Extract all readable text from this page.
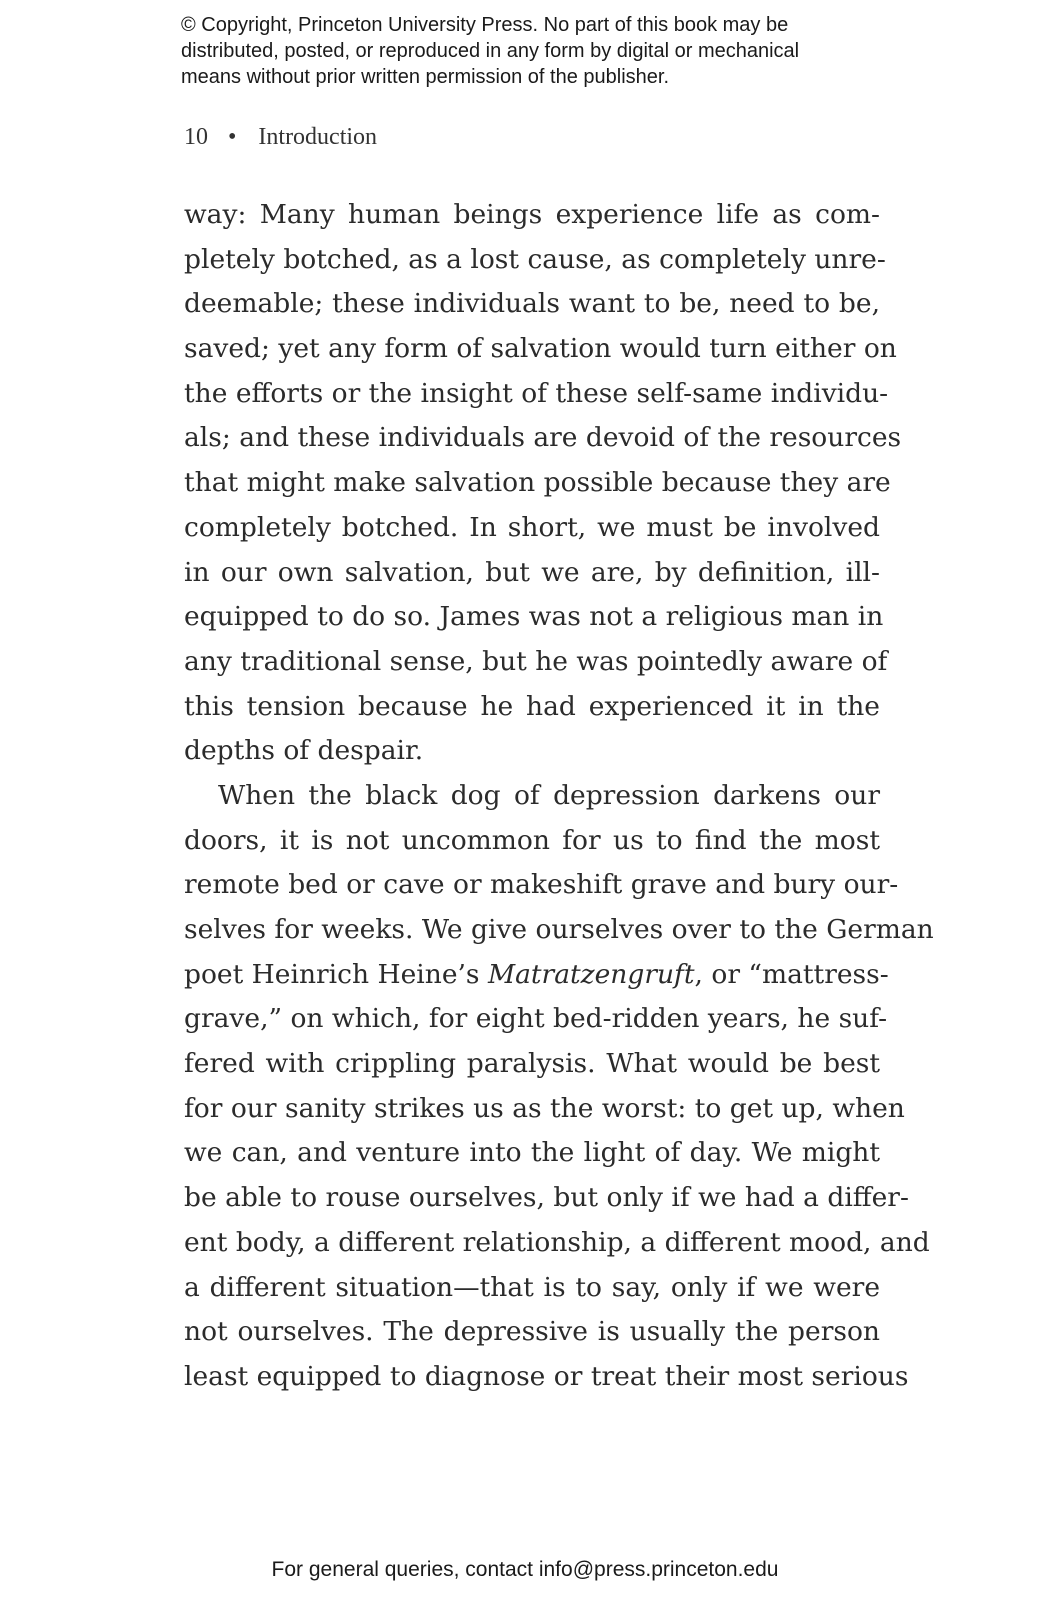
© Copyright, Princeton University Press. No part of this book may be
distributed, posted, or reproduced in any form by digital or mechanical
means without prior written permission of the publisher.
10 • Introduction
way: Many human beings experience life as com-
pletely botched, as a lost cause, as completely unre-
deemable; these individuals want to be, need to be,
saved; yet any form of salvation would turn either on
the efforts or the insight of these self-same individu-
als; and these individuals are devoid of the resources
that might make salvation possible because they are
completely botched. In short, we must be involved
in our own salvation, but we are, by definition, ill-
equipped to do so. James was not a religious man in
any traditional sense, but he was pointedly aware of
this tension because he had experienced it in the
depths of despair.
When the black dog of depression darkens our
doors, it is not uncommon for us to find the most
remote bed or cave or makeshift grave and bury our-
selves for weeks. We give ourselves over to the German
poet Heinrich Heine’s Matratzengruft, or “mattress-
grave,” on which, for eight bed-ridden years, he suf-
fered with crippling paralysis. What would be best
for our sanity strikes us as the worst: to get up, when
we can, and venture into the light of day. We might
be able to rouse ourselves, but only if we had a differ-
ent body, a different relationship, a different mood, and
a different situation—that is to say, only if we were
not ourselves. The depressive is usually the person
least equipped to diagnose or treat their most serious
For general queries, contact info@press.princeton.edu
